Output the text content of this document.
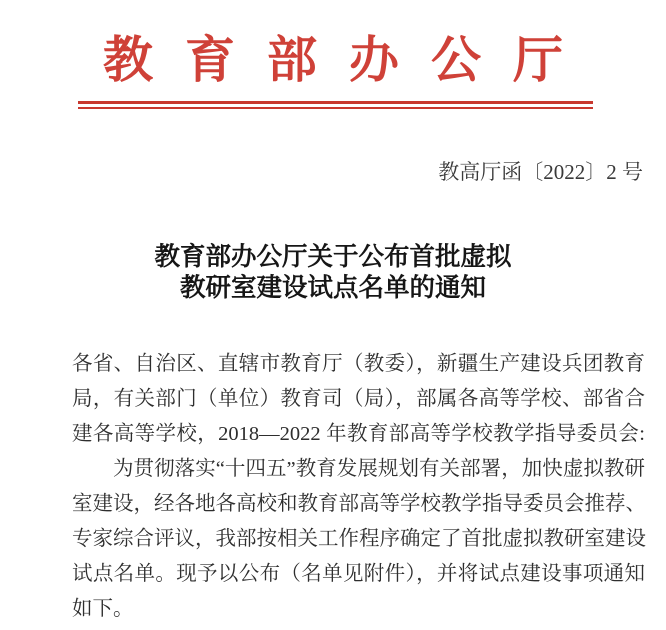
教育部办公厅
教高厅函〔2022〕2 号
教育部办公厅关于公布首批虚拟
教研室建设试点名单的通知
各省、自治区、直辖市教育厅（教委），新疆生产建设兵团教育
局，有关部门（单位）教育司（局），部属各高等学校、部省合
建各高等学校，2018—2022 年教育部高等学校教学指导委员会:
为贯彻落实“十四五”教育发展规划有关部署，加快虚拟教研
室建设，经各地各高校和教育部高等学校教学指导委员会推荐、
专家综合评议，我部按相关工作程序确定了首批虚拟教研室建设
试点名单。现予以公布（名单见附件），并将试点建设事项通知
如下。
